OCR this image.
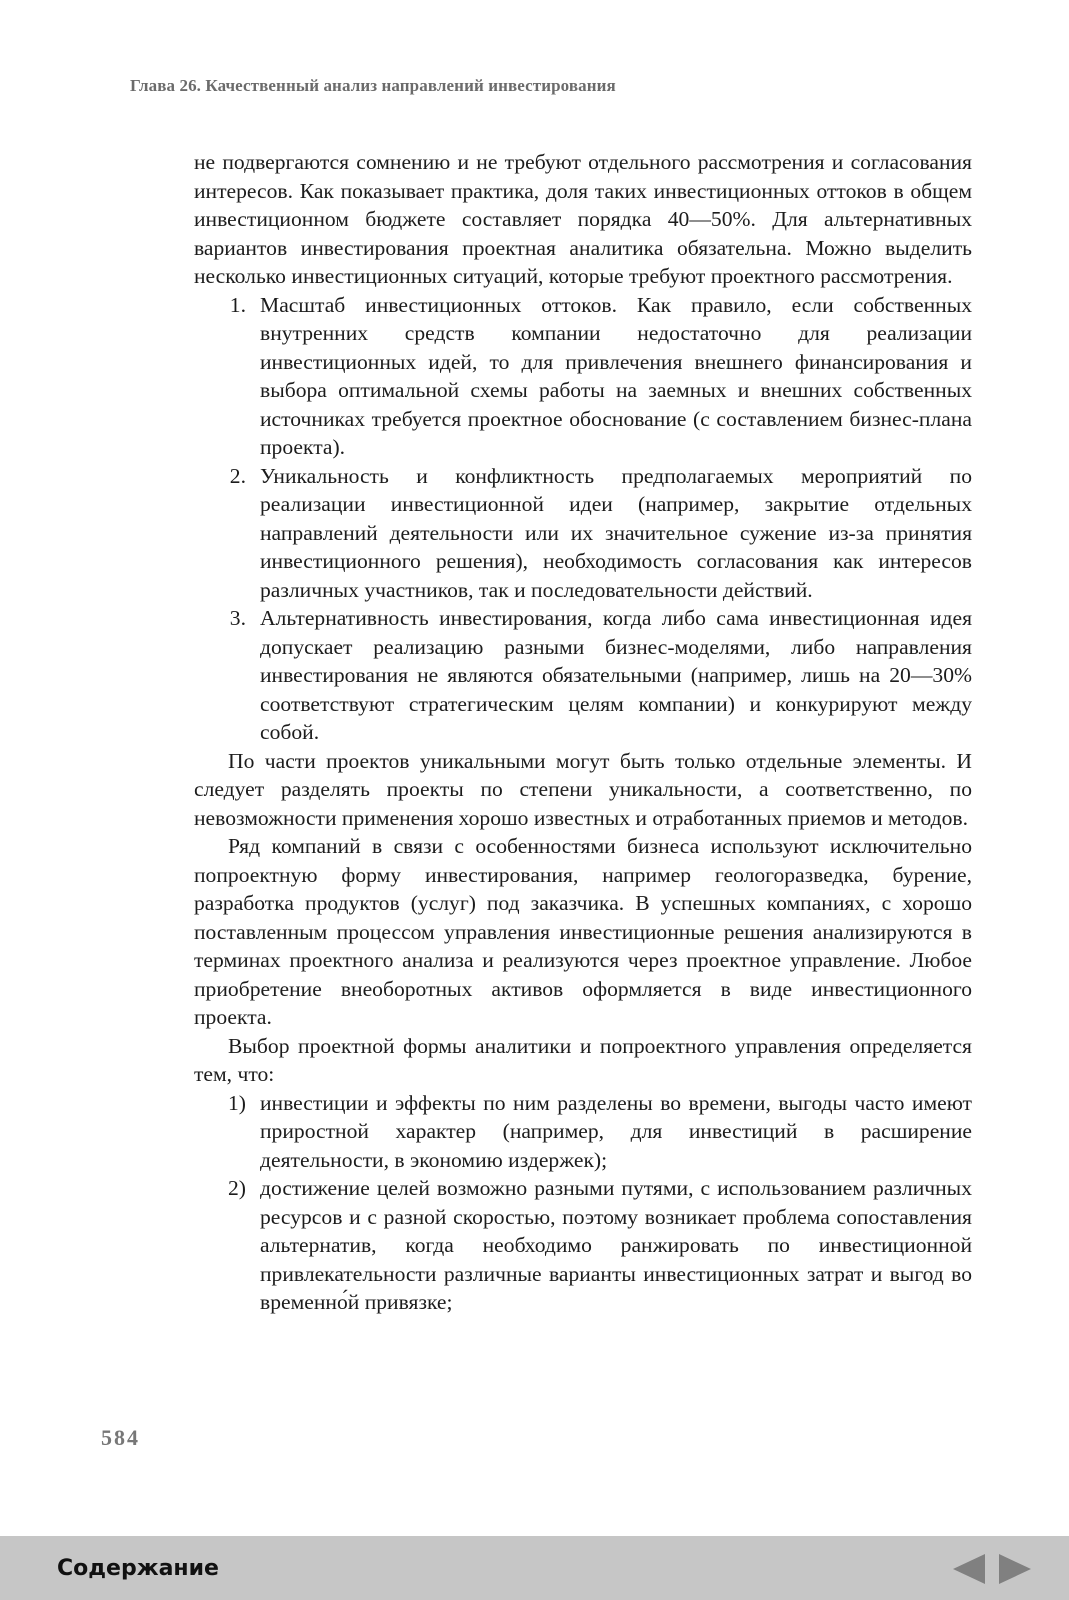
Глава 26. Качественный анализ направлений инвестирования

не подвергаются сомнению и не требуют отдельного рассмотрения и согласования интересов. Как показывает практика, доля таких инвестиционных оттоков в общем инвестиционном бюджете составляет порядка 40—50%. Для альтернативных вариантов инвестирования проектная аналитика обязательна. Можно выделить несколько инвестиционных ситуаций, которые требуют проектного рассмотрения.

1. Масштаб инвестиционных оттоков. Как правило, если собственных внутренних средств компании недостаточно для реализации инвестиционных идей, то для привлечения внешнего финансирования и выбора оптимальной схемы работы на заемных и внешних собственных источниках требуется проектное обоснование (с составлением бизнес-плана проекта).
2. Уникальность и конфликтность предполагаемых мероприятий по реализации инвестиционной идеи (например, закрытие отдельных направлений деятельности или их значительное сужение из-за принятия инвестиционного решения), необходимость согласования как интересов различных участников, так и последовательности действий.
3. Альтернативность инвестирования, когда либо сама инвестиционная идея допускает реализацию разными бизнес-моделями, либо направления инвестирования не являются обязательными (например, лишь на 20—30% соответствуют стратегическим целям компании) и конкурируют между собой.

По части проектов уникальными могут быть только отдельные элементы. И следует разделять проекты по степени уникальности, а соответственно, по невозможности применения хорошо известных и отработанных приемов и методов.

Ряд компаний в связи с особенностями бизнеса используют исключительно попроектную форму инвестирования, например геологоразведка, бурение, разработка продуктов (услуг) под заказчика. В успешных компаниях, с хорошо поставленным процессом управления инвестиционные решения анализируются в терминах проектного анализа и реализуются через проектное управление. Любое приобретение внеоборотных активов оформляется в виде инвестиционного проекта.

Выбор проектной формы аналитики и попроектного управления определяется тем, что:

1) инвестиции и эффекты по ним разделены во времени, выгоды часто имеют приростной характер (например, для инвестиций в расширение деятельности, в экономию издержек);
2) достижение целей возможно разными путями, с использованием различных ресурсов и с разной скоростью, поэтому возникает проблема сопоставления альтернатив, когда необходимо ранжировать по инвестиционной привлекательности различные варианты инвестиционных затрат и выгод во временно́й привязке;
584
Содержание
